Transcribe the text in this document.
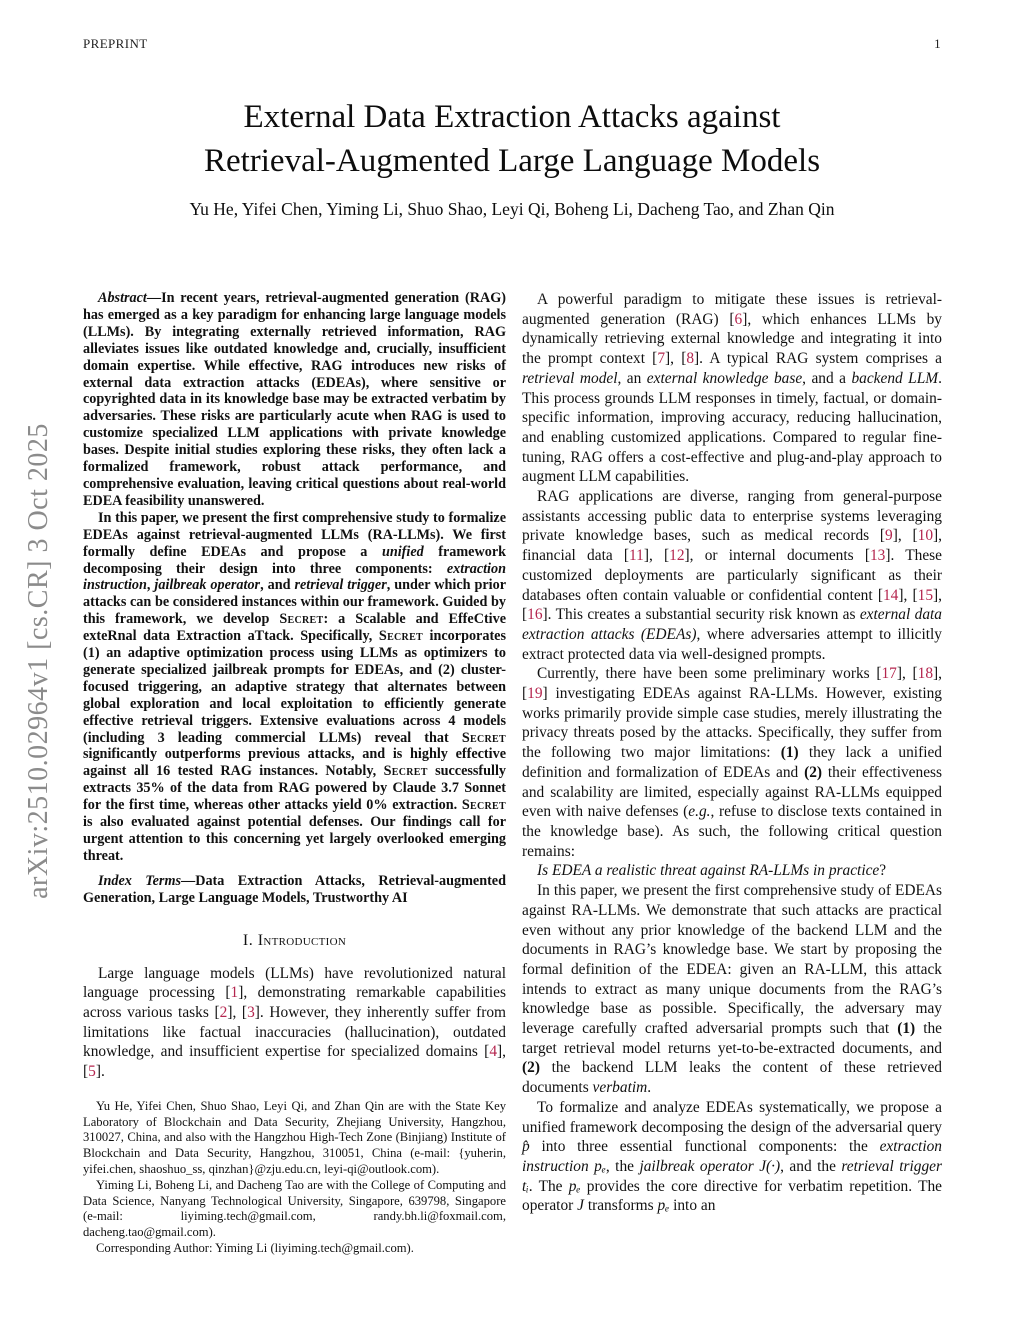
PREPRINT	1
arXiv:2510.02964v1 [cs.CR] 3 Oct 2025
External Data Extraction Attacks against
Retrieval-Augmented Large Language Models
Yu He, Yifei Chen, Yiming Li, Shuo Shao, Leyi Qi, Boheng Li, Dacheng Tao, and Zhan Qin

Abstract—In recent years, retrieval-augmented generation (RAG) has emerged as a key paradigm for enhancing large language models (LLMs). By integrating externally retrieved information, RAG alleviates issues like outdated knowledge and, crucially, insufficient domain expertise. While effective, RAG introduces new risks of external data extraction attacks (EDEAs), where sensitive or copyrighted data in its knowledge base may be extracted verbatim by adversaries. These risks are particularly acute when RAG is used to customize specialized LLM applications with private knowledge bases. Despite initial studies exploring these risks, they often lack a formalized framework, robust attack performance, and comprehensive evaluation, leaving critical questions about real-world EDEA feasibility unanswered.

In this paper, we present the first comprehensive study to formalize EDEAs against retrieval-augmented LLMs (RA-LLMs). We first formally define EDEAs and propose a unified framework decomposing their design into three components: extraction instruction, jailbreak operator, and retrieval trigger, under which prior attacks can be considered instances within our framework. Guided by this framework, we develop Secret: a Scalable and EffeCtive exteRnal data Extraction aTtack. Specifically, Secret incorporates (1) an adaptive optimization process using LLMs as optimizers to generate specialized jailbreak prompts for EDEAs, and (2) cluster-focused triggering, an adaptive strategy that alternates between global exploration and local exploitation to efficiently generate effective retrieval triggers. Extensive evaluations across 4 models (including 3 leading commercial LLMs) reveal that Secret significantly outperforms previous attacks, and is highly effective against all 16 tested RAG instances. Notably, Secret successfully extracts 35% of the data from RAG powered by Claude 3.7 Sonnet for the first time, whereas other attacks yield 0% extraction. Secret is also evaluated against potential defenses. Our findings call for urgent attention to this concerning yet largely overlooked emerging threat.

Index Terms—Data Extraction Attacks, Retrieval-augmented Generation, Large Language Models, Trustworthy AI

I. Introduction

Large language models (LLMs) have revolutionized natural language processing [1], demonstrating remarkable capabilities across various tasks [2], [3]. However, they inherently suffer from limitations like factual inaccuracies (hallucination), outdated knowledge, and insufficient expertise for specialized domains [4], [5].

Yu He, Yifei Chen, Shuo Shao, Leyi Qi, and Zhan Qin are with the State Key Laboratory of Blockchain and Data Security, Zhejiang University, Hangzhou, 310027, China, and also with the Hangzhou High-Tech Zone (Binjiang) Institute of Blockchain and Data Security, Hangzhou, 310051, China (e-mail: {yuherin, yifei.chen, shaoshuo_ss, qinzhan}@zju.edu.cn, leyi-qi@outlook.com).

Yiming Li, Boheng Li, and Dacheng Tao are with the College of Computing and Data Science, Nanyang Technological University, Singapore, 639798, Singapore (e-mail: liyiming.tech@gmail.com, randy.bh.li@foxmail.com, dacheng.tao@gmail.com).

Corresponding Author: Yiming Li (liyiming.tech@gmail.com).

A powerful paradigm to mitigate these issues is retrieval-augmented generation (RAG) [6], which enhances LLMs by dynamically retrieving external knowledge and integrating it into the prompt context [7], [8]. A typical RAG system comprises a retrieval model, an external knowledge base, and a backend LLM. This process grounds LLM responses in timely, factual, or domain-specific information, improving accuracy, reducing hallucination, and enabling customized applications. Compared to regular fine-tuning, RAG offers a cost-effective and plug-and-play approach to augment LLM capabilities.

RAG applications are diverse, ranging from general-purpose assistants accessing public data to enterprise systems leveraging private knowledge bases, such as medical records [9], [10], financial data [11], [12], or internal documents [13]. These customized deployments are particularly significant as their databases often contain valuable or confidential content [14], [15], [16]. This creates a substantial security risk known as external data extraction attacks (EDEAs), where adversaries attempt to illicitly extract protected data via well-designed prompts.

Currently, there have been some preliminary works [17], [18], [19] investigating EDEAs against RA-LLMs. However, existing works primarily provide simple case studies, merely illustrating the privacy threats posed by the attacks. Specifically, they suffer from the following two major limitations: (1) they lack a unified definition and formalization of EDEAs and (2) their effectiveness and scalability are limited, especially against RA-LLMs equipped even with naive defenses (e.g., refuse to disclose texts contained in the knowledge base). As such, the following critical question remains:

Is EDEA a realistic threat against RA-LLMs in practice?

In this paper, we present the first comprehensive study of EDEAs against RA-LLMs. We demonstrate that such attacks are practical even without any prior knowledge of the backend LLM and the documents in RAG’s knowledge base. We start by proposing the formal definition of the EDEA: given an RA-LLM, this attack intends to extract as many unique documents from the RAG’s knowledge base as possible. Specifically, the adversary may leverage carefully crafted adversarial prompts such that (1) the target retrieval model returns yet-to-be-extracted documents, and (2) the backend LLM leaks the content of these retrieved documents verbatim.

To formalize and analyze EDEAs systematically, we propose a unified framework decomposing the design of the adversarial query p̂ into three essential functional components: the extraction instruction pₑ, the jailbreak operator J(·), and the retrieval trigger tᵢ. The pₑ provides the core directive for verbatim repetition. The operator J transforms pₑ into an
